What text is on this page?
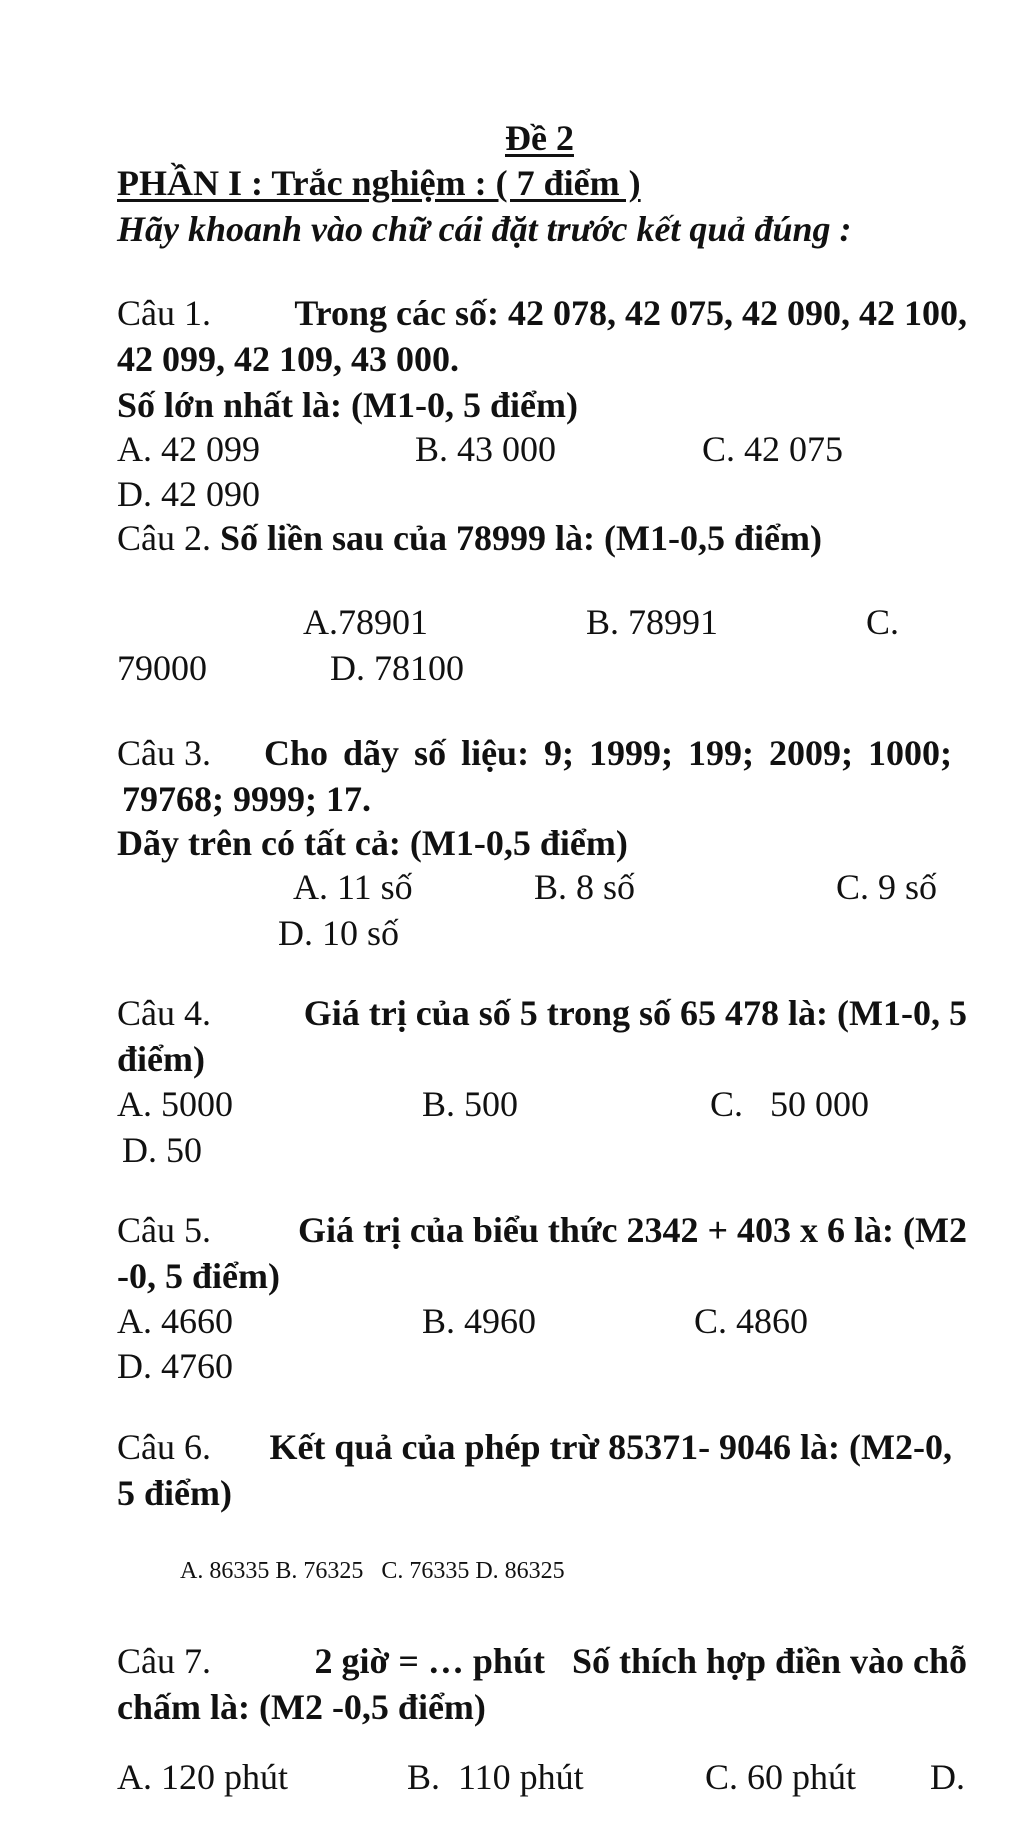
Đề 2
PHẦN I : Trắc nghiệm : ( 7 điểm )
Hãy khoanh vào chữ cái đặt trước kết quả đúng :
Câu 1. Trong các số: 42 078, 42 075, 42 090, 42 100,
42 099, 42 109, 43 000.
Số lớn nhất là: (M1-0, 5 điểm)
A. 42 099	B. 43 000	C. 42 075
D. 42 090
Câu 2. Số liền sau của 78999 là: (M1-0,5 điểm)
A.78901	B. 78991	C.
79000	D. 78100
Câu 3. Cho dãy số liệu: 9; 1999; 199; 2009; 1000;
79768; 9999; 17.
Dãy trên có tất cả: (M1-0,5 điểm)
A. 11 số	B. 8 số	C. 9 số
D. 10 số
Câu 4.	Giá trị của số 5 trong số 65 478 là: (M1-0, 5
điểm)
A. 5000	B. 500	C.   50 000
D. 50
Câu 5. Giá trị của biểu thức 2342 + 403 x 6 là: (M2
-0, 5 điểm)
A. 4660	B. 4960	C. 4860
D. 4760
Câu 6. Kết quả của phép trừ 85371- 9046 là: (M2-0,
5 điểm)
A. 86335 B. 76325   C. 76335 D. 86325
Câu 7.	2 giờ = … phút   Số thích hợp điền vào chỗ
chấm là: (M2 -0,5 điểm)
A. 120 phút	B.  110 phút	C. 60 phút D.
